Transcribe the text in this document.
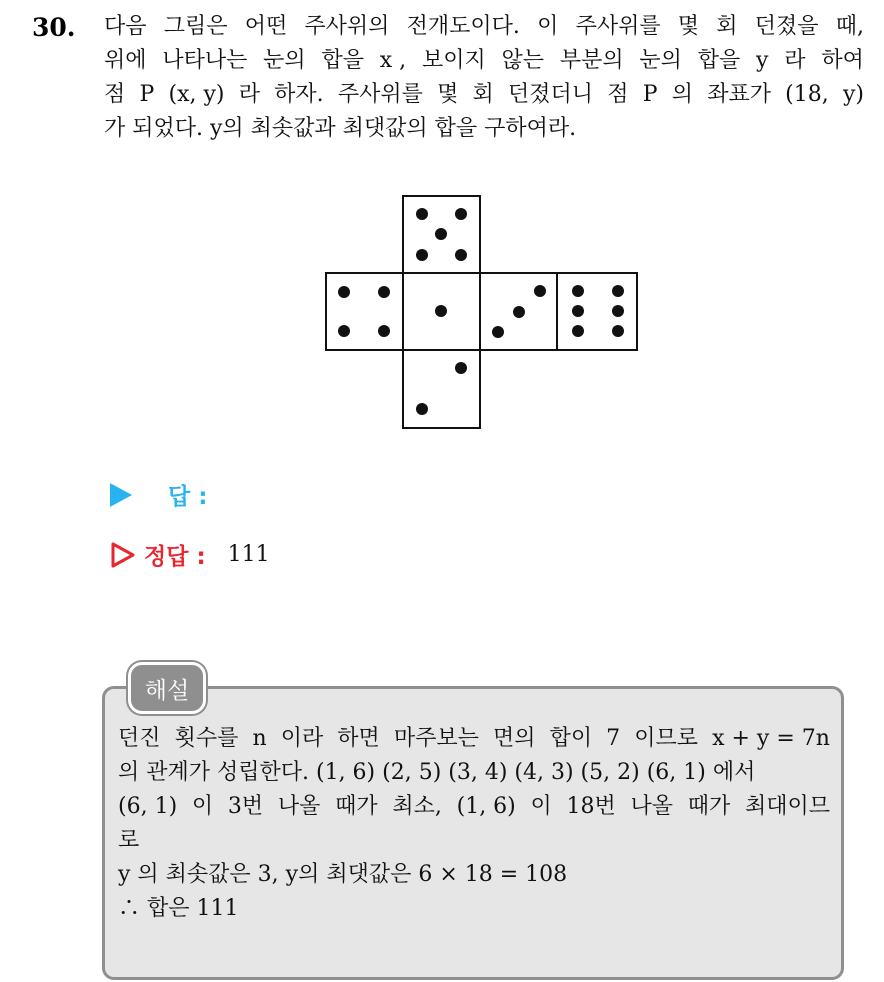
30. 다음 그림은 어떤 주사위의 전개도이다. 이 주사위를 몇 회 던졌을 때,
위에 나타나는 눈의 합을 x , 보이지 않는 부분의 눈의 합을 y 라 하여
점 P (x, y) 라 하자. 주사위를 몇 회 던졌더니 점 P 의 좌표가 (18, y)
가 되었다. y의 최솟값과 최댓값의 합을 구하여라.
답 :
정답 : 111
해설
던진 횟수를 n 이라 하면 마주보는 면의 합이 7 이므로 x + y = 7n
의 관계가 성립한다. (1, 6) (2, 5) (3, 4) (4, 3) (5, 2) (6, 1) 에서
(6, 1) 이 3번 나올 때가 최소, (1, 6) 이 18번 나올 때가 최대이므
로
y 의 최솟값은 3, y의 최댓값은 6 × 18 = 108
∴ 합은 111
